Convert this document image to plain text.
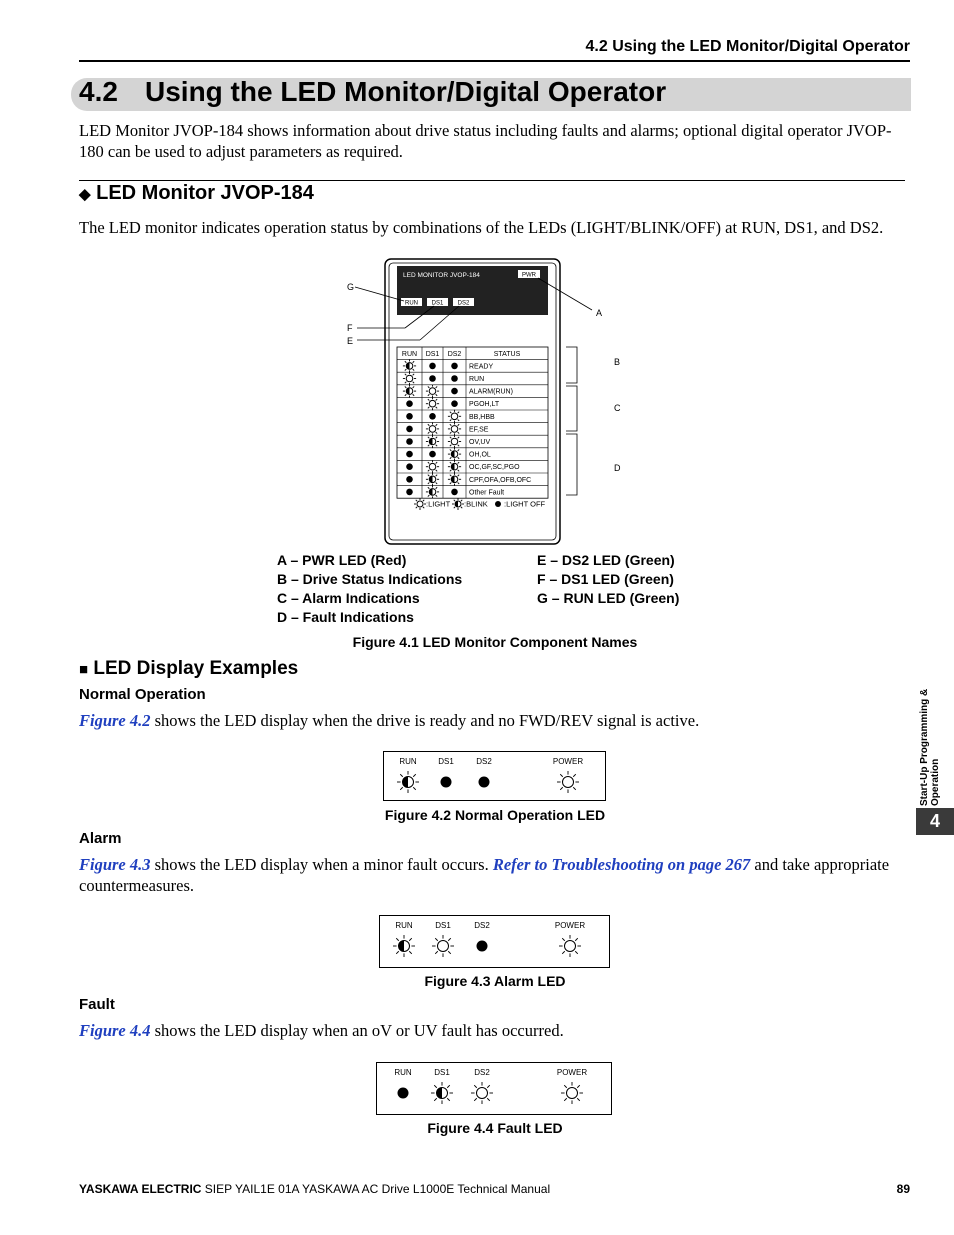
4.2 Using the LED Monitor/Digital Operator
4.2 Using the LED Monitor/Digital Operator
LED Monitor JVOP-184 shows information about drive status including faults and alarms; optional digital operator JVOP-180 can be used to adjust parameters as required.
◆ LED Monitor JVOP-184
The LED monitor indicates operation status by combinations of the LEDs (LIGHT/BLINK/OFF) at RUN, DS1, and DS2.
LED MONITOR JVOP-184	PWR
RUN DS1 DS2
G
F
E
A
B
C
D
RUN DS1 DS2	STATUS
READY
RUN
ALARM(RUN)
PGOH,LT
BB,HBB
EF,SE
OV,UV
OH,OL
OC,GF,SC,PGO
CPF,OFA,OFB,OFC
Other Fault
:LIGHT :BLINK :LIGHT OFF
A – PWR LED (Red)
B – Drive Status Indications
C – Alarm Indications
D – Fault Indications
E – DS2 LED (Green)
F – DS1 LED (Green)
G – RUN LED (Green)
Figure 4.1 LED Monitor Component Names
■ LED Display Examples
Normal Operation
Figure 4.2 shows the LED display when the drive is ready and no FWD/REV signal is active.
RUN	DS1	DS2	POWER
Figure 4.2 Normal Operation LED
Alarm
Figure 4.3 shows the LED display when a minor fault occurs. Refer to Troubleshooting on page 267 and take appropriate countermeasures.
RUN	DS1	DS2	POWER
Figure 4.3 Alarm LED
Fault
Figure 4.4 shows the LED display when an oV or UV fault has occurred.
RUN	DS1	DS2	POWER
Figure 4.4 Fault LED
Start-Up Programming & Operation
4
YASKAWA ELECTRIC SIEP YAIL1E 01A YASKAWA AC Drive L1000E Technical Manual	89
